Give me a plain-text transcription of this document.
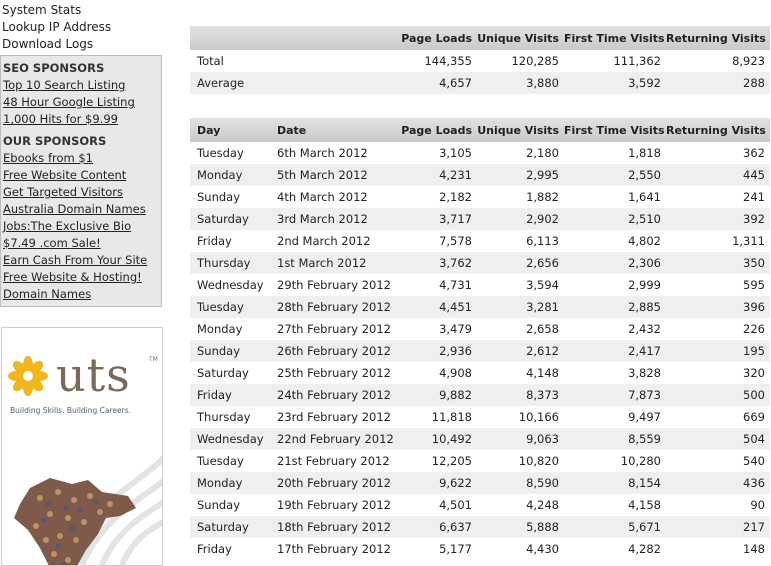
System Stats
Lookup IP Address
Download Logs
SEO SPONSORS
Top 10 Search Listing
48 Hour Google Listing
1,000 Hits for $9.99
OUR SPONSORS
Ebooks from $1
Free Website Content
Get Targeted Visitors
Australia Domain Names
Jobs:The Exclusive Bio
$7.49 .com Sale!
Earn Cash From Your Site
Free Website & Hosting!
Domain Names
uts	TM
Building Skills. Building Careers.
	Page Loads	Unique Visits	First Time Visits	Returning Visits
Total	144,355	120,285	111,362	8,923
Average	4,657	3,880	3,592	288
Day	Date	Page Loads	Unique Visits	First Time Visits	Returning Visits
Tuesday	6th March 2012	3,105	2,180	1,818	362
Monday	5th March 2012	4,231	2,995	2,550	445
Sunday	4th March 2012	2,182	1,882	1,641	241
Saturday	3rd March 2012	3,717	2,902	2,510	392
Friday	2nd March 2012	7,578	6,113	4,802	1,311
Thursday	1st March 2012	3,762	2,656	2,306	350
Wednesday	29th February 2012	4,731	3,594	2,999	595
Tuesday	28th February 2012	4,451	3,281	2,885	396
Monday	27th February 2012	3,479	2,658	2,432	226
Sunday	26th February 2012	2,936	2,612	2,417	195
Saturday	25th February 2012	4,908	4,148	3,828	320
Friday	24th February 2012	9,882	8,373	7,873	500
Thursday	23rd February 2012	11,818	10,166	9,497	669
Wednesday	22nd February 2012	10,492	9,063	8,559	504
Tuesday	21st February 2012	12,205	10,820	10,280	540
Monday	20th February 2012	9,622	8,590	8,154	436
Sunday	19th February 2012	4,501	4,248	4,158	90
Saturday	18th February 2012	6,637	5,888	5,671	217
Friday	17th February 2012	5,177	4,430	4,282	148
